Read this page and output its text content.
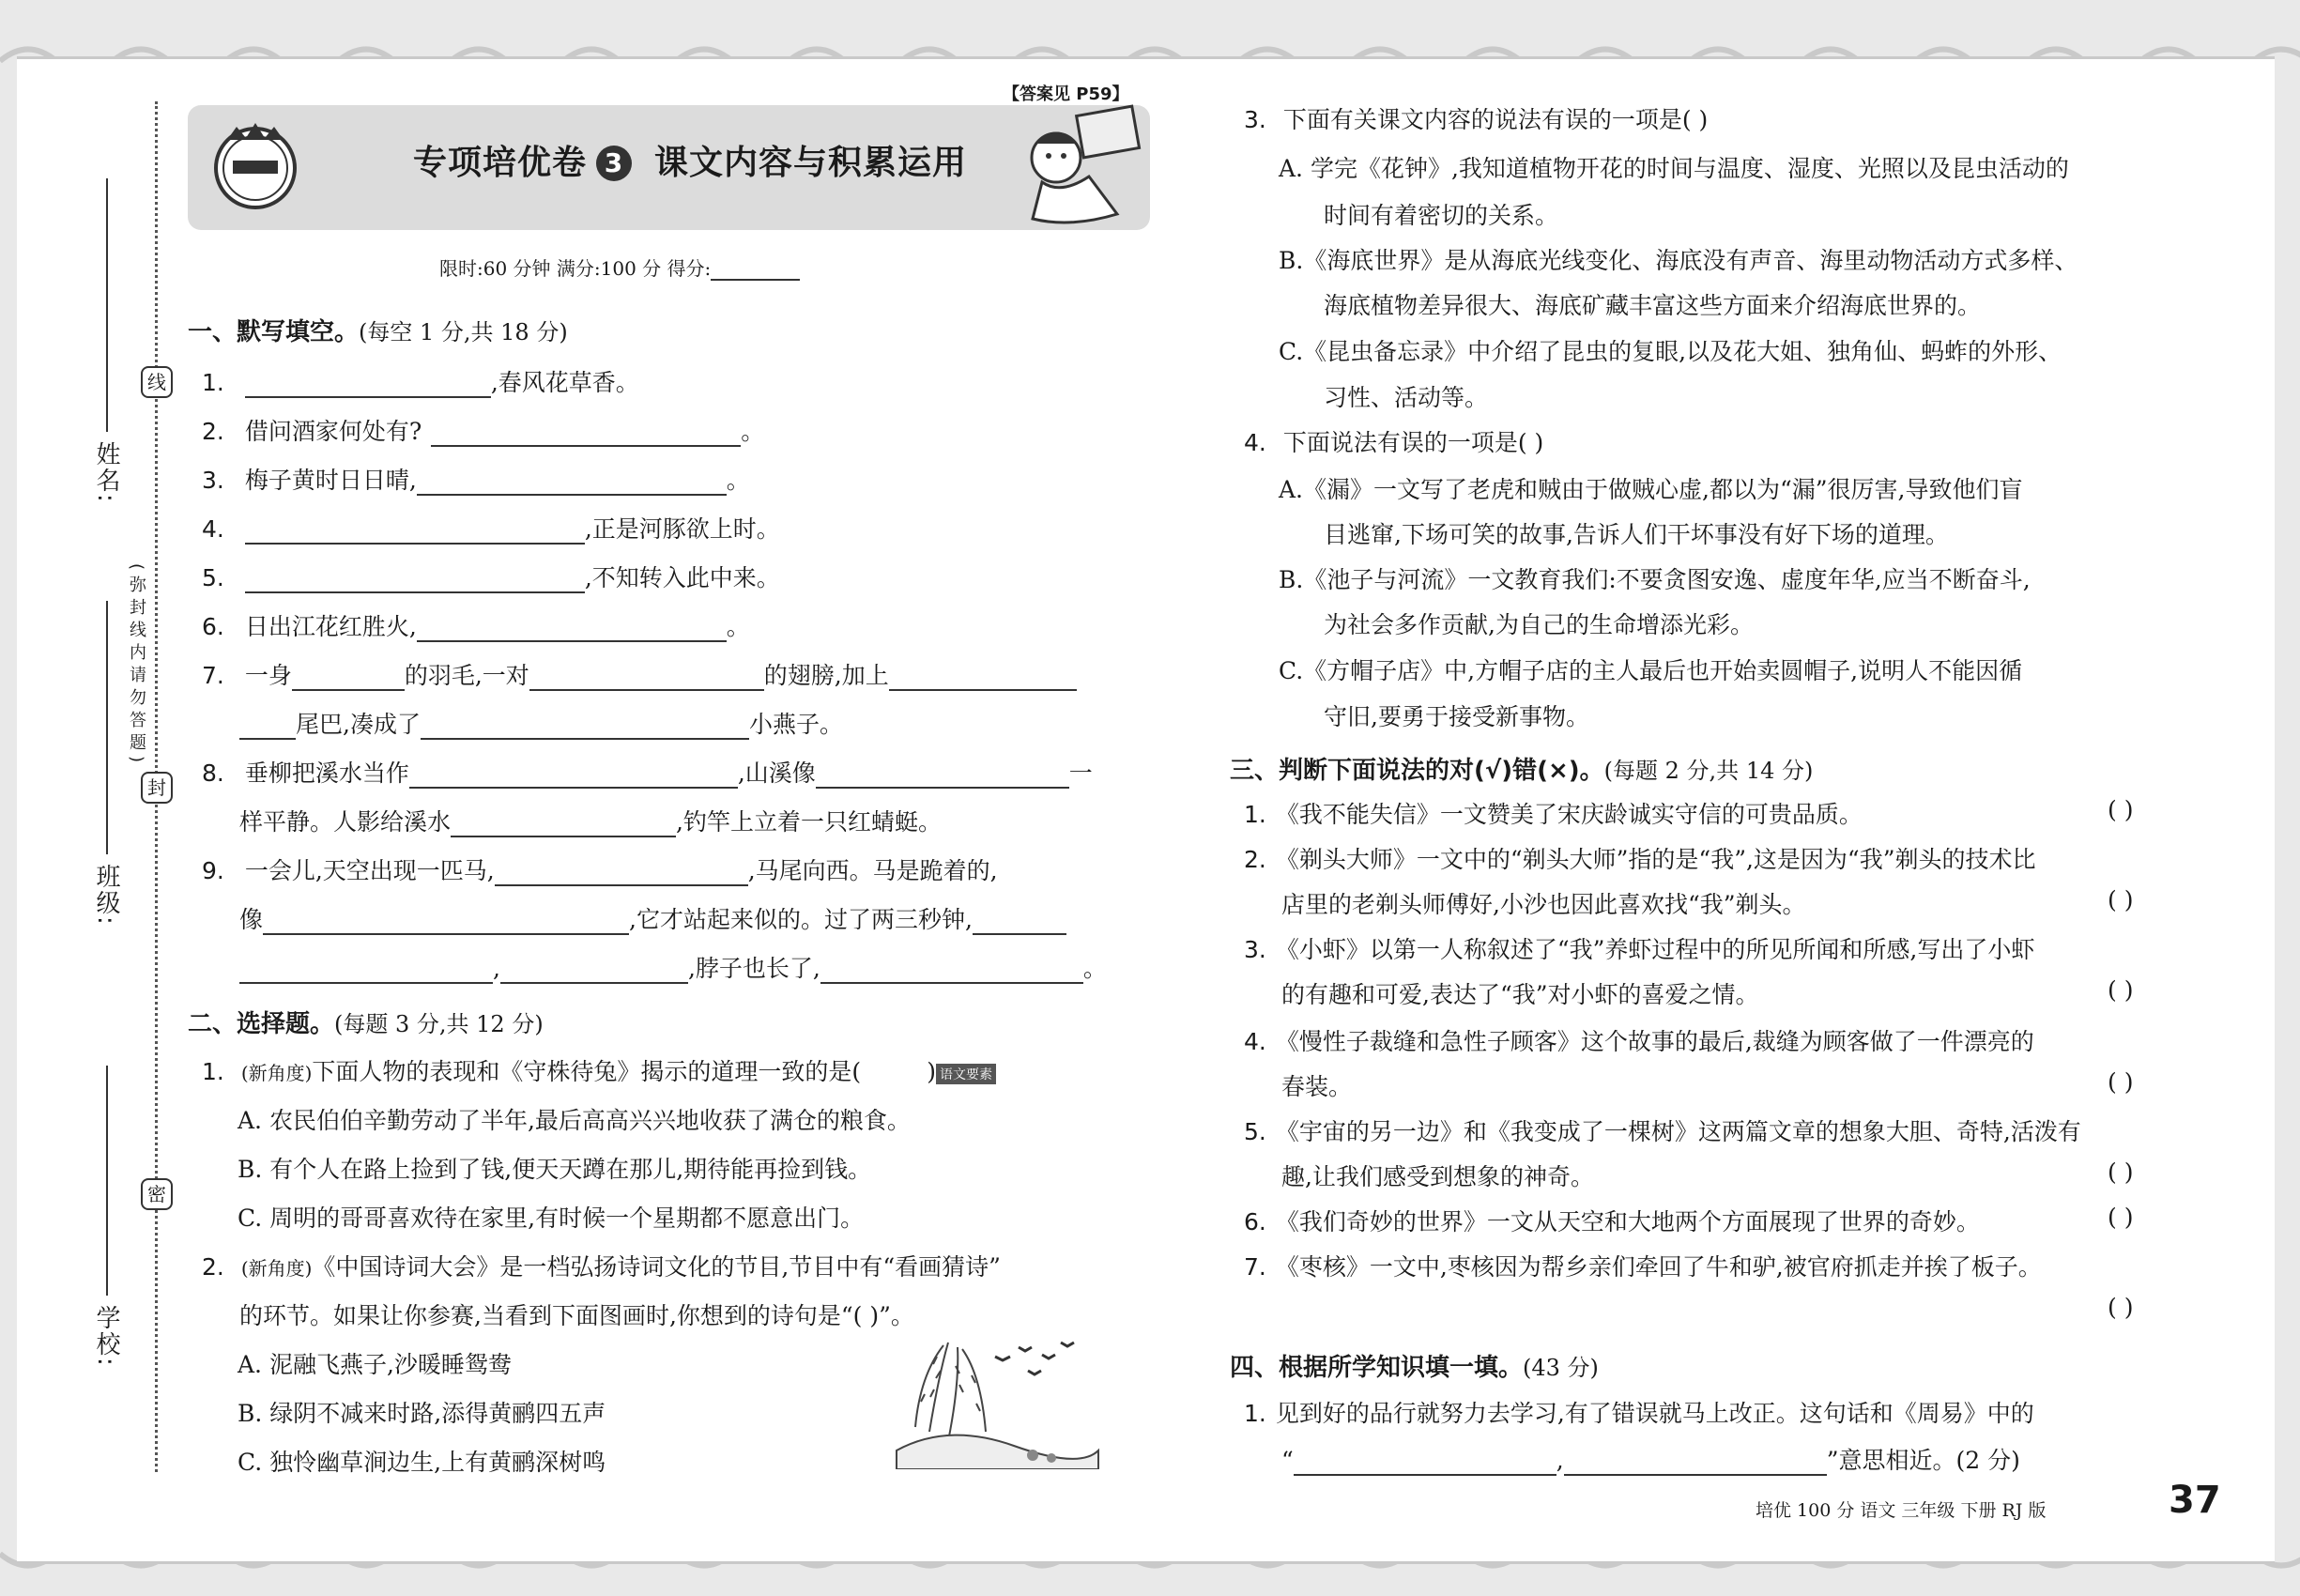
线
封
密
(弥封线内请勿答题)
姓名:
班级:
学校:
【答案见 P59】
专项培优卷 3 课文内容与积累运用
限时:60 分钟 满分:100 分 得分:
一、默写填空。(每空 1 分,共 18 分)
1.	,春风花草香。
2. 借问酒家何处有?	。
3. 梅子黄时日日晴,	。
4.	,正是河豚欲上时。
5.	,不知转入此中来。
6. 日出江花红胜火,	。
7. 一身	的羽毛,一对	的翅膀,加上
尾巴,凑成了	小燕子。
8. 垂柳把溪水当作	,山溪像	一
样平静。人影给溪水	,钓竿上立着一只红蜻蜓。
9. 一会儿,天空出现一匹马,	,马尾向西。马是跪着的,
像	,它才站起来似的。过了两三秒钟,
,	,脖子也长了,	。
二、选择题。(每题 3 分,共 12 分)
1. (新角度)下面人物的表现和《守株待兔》揭示的道理一致的是(	) 语文要素
A. 农民伯伯辛勤劳动了半年,最后高高兴兴地收获了满仓的粮食。
B. 有个人在路上捡到了钱,便天天蹲在那儿,期待能再捡到钱。
C. 周明的哥哥喜欢待在家里,有时候一个星期都不愿意出门。
2. (新角度)《中国诗词大会》是一档弘扬诗词文化的节目,节目中有“看画猜诗”
的环节。如果让你参赛,当看到下面图画时,你想到的诗句是“( )”。
A. 泥融飞燕子,沙暖睡鸳鸯
B. 绿阴不减来时路,添得黄鹂四五声
C. 独怜幽草涧边生,上有黄鹂深树鸣
3. 下面有关课文内容的说法有误的一项是( )
A. 学完《花钟》,我知道植物开花的时间与温度、湿度、光照以及昆虫活动的
时间有着密切的关系。
B.《海底世界》是从海底光线变化、海底没有声音、海里动物活动方式多样、
海底植物差异很大、海底矿藏丰富这些方面来介绍海底世界的。
C.《昆虫备忘录》中介绍了昆虫的复眼,以及花大姐、独角仙、蚂蚱的外形、
习性、活动等。
4. 下面说法有误的一项是( )
A.《漏》一文写了老虎和贼由于做贼心虚,都以为“漏”很厉害,导致他们盲
目逃窜,下场可笑的故事,告诉人们干坏事没有好下场的道理。
B.《池子与河流》一文教育我们:不要贪图安逸、虚度年华,应当不断奋斗,
为社会多作贡献,为自己的生命增添光彩。
C.《方帽子店》中,方帽子店的主人最后也开始卖圆帽子,说明人不能因循
守旧,要勇于接受新事物。
三、判断下面说法的对(√)错(×)。(每题 2 分,共 14 分)
1. 《我不能失信》一文赞美了宋庆龄诚实守信的可贵品质。	( )
2. 《剃头大师》一文中的“剃头大师”指的是“我”,这是因为“我”剃头的技术比
店里的老剃头师傅好,小沙也因此喜欢找“我”剃头。	( )
3. 《小虾》以第一人称叙述了“我”养虾过程中的所见所闻和所感,写出了小虾
的有趣和可爱,表达了“我”对小虾的喜爱之情。	( )
4. 《慢性子裁缝和急性子顾客》这个故事的最后,裁缝为顾客做了一件漂亮的
春装。	( )
5. 《宇宙的另一边》和《我变成了一棵树》这两篇文章的想象大胆、奇特,活泼有
趣,让我们感受到想象的神奇。	( )
6. 《我们奇妙的世界》一文从天空和大地两个方面展现了世界的奇妙。	( )
7. 《枣核》一文中,枣核因为帮乡亲们牵回了牛和驴,被官府抓走并挨了板子。
( )
四、根据所学知识填一填。(43 分)
1. 见到好的品行就努力去学习,有了错误就马上改正。这句话和《周易》中的
“	,	”意思相近。(2 分)
培优 100 分 语文 三年级 下册 RJ 版	37
